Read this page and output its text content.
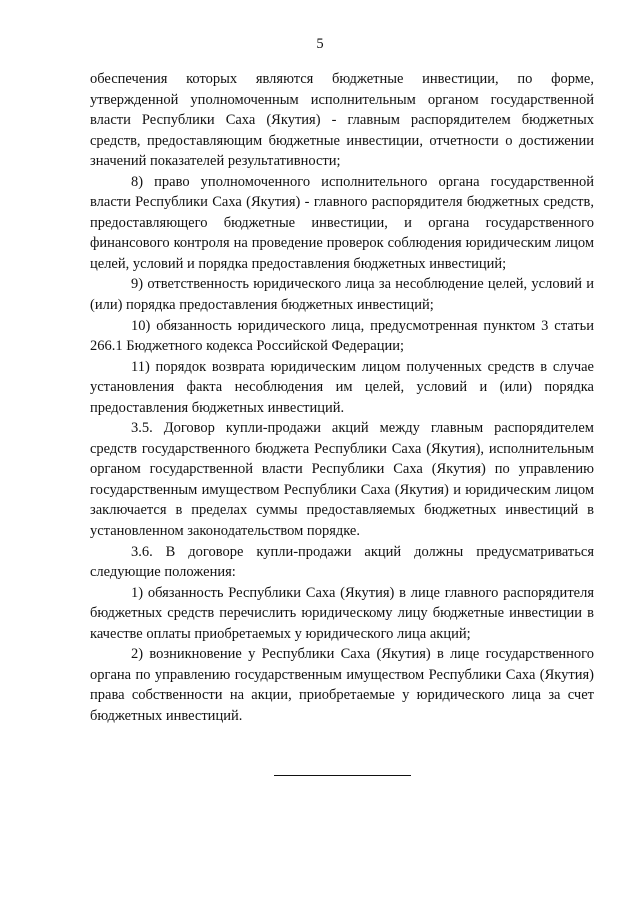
5

обеспечения которых являются бюджетные инвестиции, по форме, утвержденной уполномоченным исполнительным органом государственной власти Республики Саха (Якутия) - главным распорядителем бюджетных средств, предоставляющим бюджетные инвестиции, отчетности о достижении значений показателей результативности;

8) право уполномоченного исполнительного органа государственной власти Республики Саха (Якутия) - главного распорядителя бюджетных средств, предоставляющего бюджетные инвестиции, и органа государственного финансового контроля на проведение проверок соблюдения юридическим лицом целей, условий и порядка предоставления бюджетных инвестиций;

9) ответственность юридического лица за несоблюдение целей, условий и (или) порядка предоставления бюджетных инвестиций;

10) обязанность юридического лица, предусмотренная пунктом 3 статьи 266.1 Бюджетного кодекса Российской Федерации;

11) порядок возврата юридическим лицом полученных средств в случае установления факта несоблюдения им целей, условий и (или) порядка предоставления бюджетных инвестиций.

3.5. Договор купли-продажи акций между главным распорядителем средств государственного бюджета Республики Саха (Якутия), исполнительным органом государственной власти Республики Саха (Якутия) по управлению государственным имуществом Республики Саха (Якутия) и юридическим лицом заключается в пределах суммы предоставляемых бюджетных инвестиций в установленном законодательством порядке.

3.6. В договоре купли-продажи акций должны предусматриваться следующие положения:

1) обязанность Республики Саха (Якутия) в лице главного распорядителя бюджетных средств перечислить юридическому лицу бюджетные инвестиции в качестве оплаты приобретаемых у юридического лица акций;

2) возникновение у Республики Саха (Якутия) в лице государственного органа по управлению государственным имуществом Республики Саха (Якутия) права собственности на акции, приобретаемые у юридического лица за счет бюджетных инвестиций.
